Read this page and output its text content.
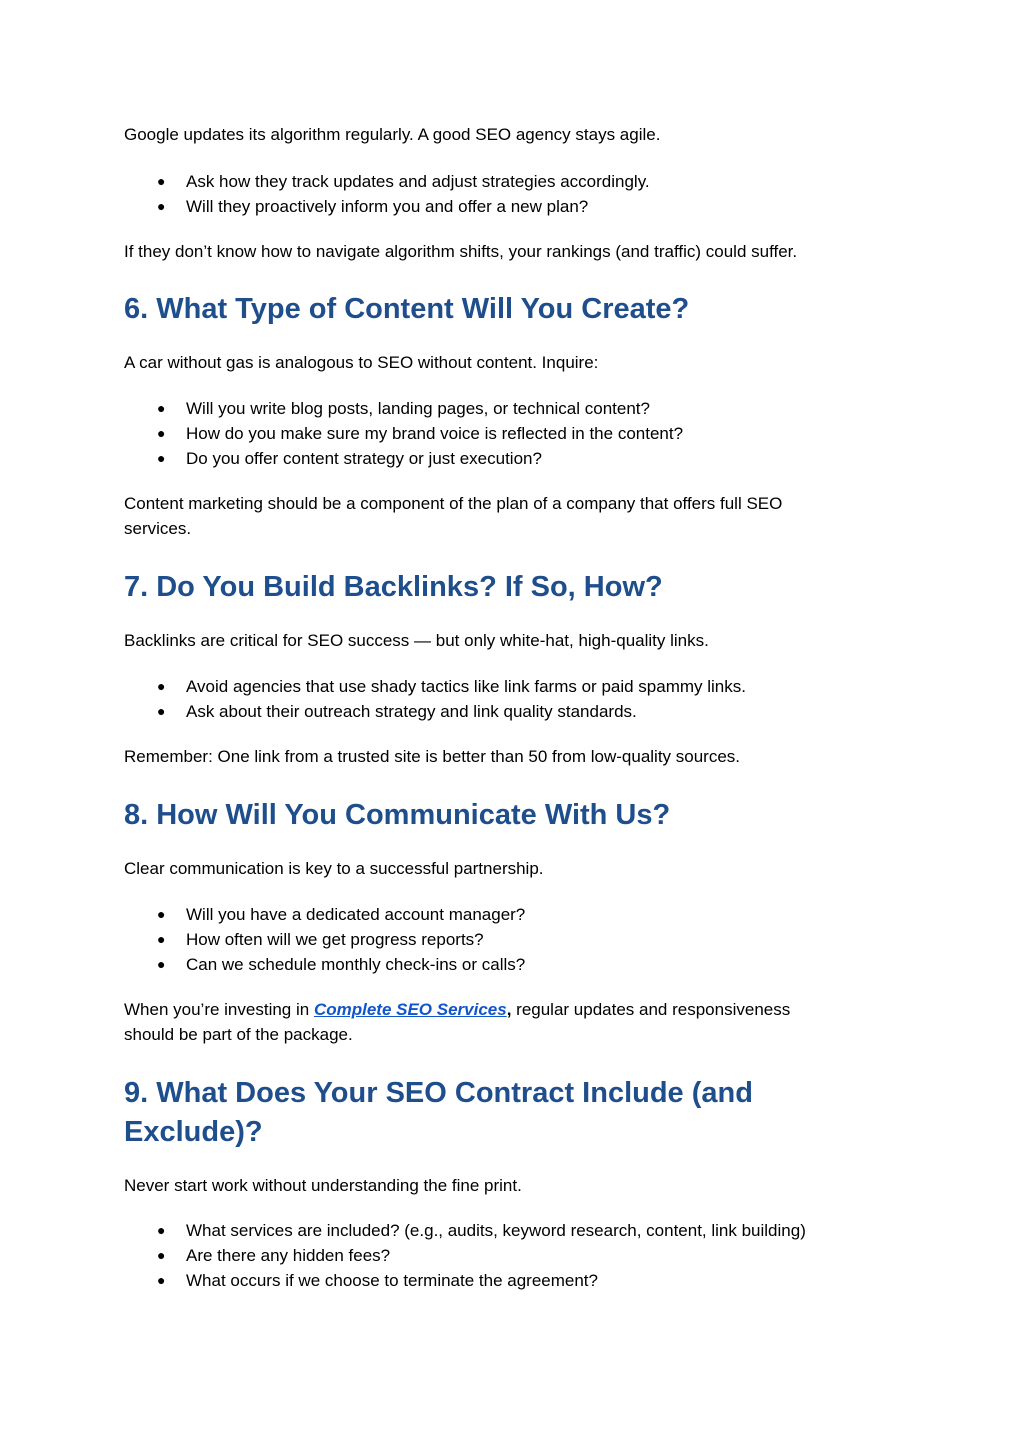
Google updates its algorithm regularly. A good SEO agency stays agile.

● Ask how they track updates and adjust strategies accordingly.
● Will they proactively inform you and offer a new plan?

If they don’t know how to navigate algorithm shifts, your rankings (and traffic) could suffer.

6. What Type of Content Will You Create?

A car without gas is analogous to SEO without content. Inquire:

● Will you write blog posts, landing pages, or technical content?
● How do you make sure my brand voice is reflected in the content?
● Do you offer content strategy or just execution?

Content marketing should be a component of the plan of a company that offers full SEO

services.

7. Do You Build Backlinks? If So, How?

Backlinks are critical for SEO success — but only white-hat, high-quality links.

● Avoid agencies that use shady tactics like link farms or paid spammy links.
● Ask about their outreach strategy and link quality standards.

Remember: One link from a trusted site is better than 50 from low-quality sources.

8. How Will You Communicate With Us?

Clear communication is key to a successful partnership.

● Will you have a dedicated account manager?
● How often will we get progress reports?
● Can we schedule monthly check-ins or calls?

When you’re investing in Complete SEO Services, regular updates and responsiveness

should be part of the package.

9. What Does Your SEO Contract Include (and
Exclude)?

Never start work without understanding the fine print.

● What services are included? (e.g., audits, keyword research, content, link building)
● Are there any hidden fees?
● What occurs if we choose to terminate the agreement?
